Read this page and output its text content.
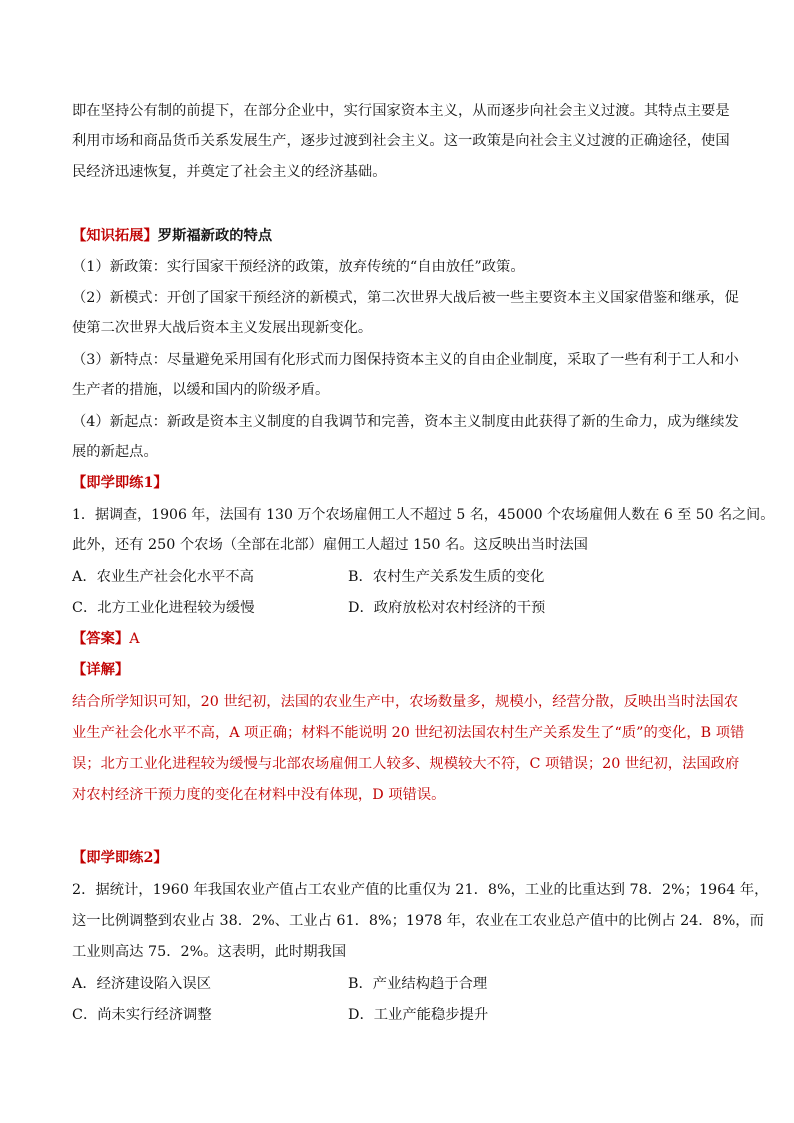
即在坚持公有制的前提下，在部分企业中，实行国家资本主义，从而逐步向社会主义过渡。其特点主要是
利用市场和商品货币关系发展生产，逐步过渡到社会主义。这一政策是向社会主义过渡的正确途径，使国
民经济迅速恢复，并奠定了社会主义的经济基础。
【知识拓展】罗斯福新政的特点
（1）新政策：实行国家干预经济的政策，放弃传统的“自由放任”政策。
（2）新模式：开创了国家干预经济的新模式，第二次世界大战后被一些主要资本主义国家借鉴和继承，促
使第二次世界大战后资本主义发展出现新变化。
（3）新特点：尽量避免采用国有化形式而力图保持资本主义的自由企业制度，采取了一些有利于工人和小
生产者的措施，以缓和国内的阶级矛盾。
（4）新起点：新政是资本主义制度的自我调节和完善，资本主义制度由此获得了新的生命力，成为继续发
展的新起点。
【即学即练1】
1．据调查，1906 年，法国有 130 万个农场雇佣工人不超过 5 名，45000 个农场雇佣人数在 6 至 50 名之间。
此外，还有 250 个农场（全部在北部）雇佣工人超过 150 名。这反映出当时法国
A．农业生产社会化水平不高	B．农村生产关系发生质的变化
C．北方工业化进程较为缓慢	D．政府放松对农村经济的干预
【答案】A
【详解】
结合所学知识可知，20 世纪初，法国的农业生产中，农场数量多，规模小，经营分散，反映出当时法国农
业生产社会化水平不高，A 项正确；材料不能说明 20 世纪初法国农村生产关系发生了“质”的变化，B 项错
误；北方工业化进程较为缓慢与北部农场雇佣工人较多、规模较大不符，C 项错误；20 世纪初，法国政府
对农村经济干预力度的变化在材料中没有体现，D 项错误。
【即学即练2】
2．据统计，1960 年我国农业产值占工农业产值的比重仅为 21．8%，工业的比重达到 78．2%；1964 年，
这一比例调整到农业占 38．2%、工业占 61．8%；1978 年，农业在工农业总产值中的比例占 24．8%，而
工业则高达 75．2%。这表明，此时期我国
A．经济建设陷入误区	B．产业结构趋于合理
C．尚未实行经济调整	D．工业产能稳步提升
